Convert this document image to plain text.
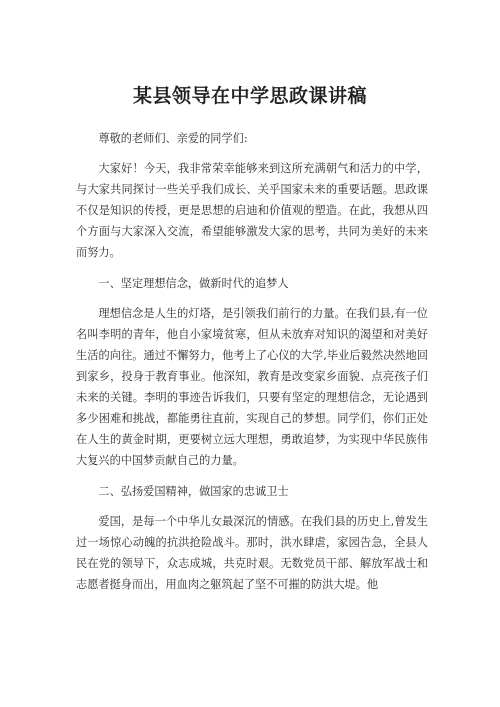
某县领导在中学思政课讲稿

尊敬的老师们、亲爱的同学们:

大家好！今天，我非常荣幸能够来到这所充满朝气和活力的中学，与大家共同探讨一些关乎我们成长、关乎国家未来的重要话题。思政课不仅是知识的传授，更是思想的启迪和价值观的塑造。在此，我想从四个方面与大家深入交流，希望能够激发大家的思考，共同为美好的未来而努力。

一、坚定理想信念，做新时代的追梦人

理想信念是人生的灯塔，是引领我们前行的力量。在我们县,有一位名叫李明的青年，他自小家境贫寒，但从未放弃对知识的渴望和对美好生活的向往。通过不懈努力，他考上了心仪的大学,毕业后毅然决然地回到家乡，投身于教育事业。他深知，教育是改变家乡面貌、点亮孩子们未来的关键。李明的事迹告诉我们，只要有坚定的理想信念，无论遇到多少困难和挑战，都能勇往直前，实现自己的梦想。同学们，你们正处在人生的黄金时期，更要树立远大理想，勇敢追梦，为实现中华民族伟大复兴的中国梦贡献自己的力量。

二、弘扬爱国精神，做国家的忠诚卫士

爱国，是每一个中华儿女最深沉的情感。在我们县的历史上,曾发生过一场惊心动魄的抗洪抢险战斗。那时，洪水肆虐，家园告急，全县人民在党的领导下，众志成城，共克时艰。无数党员干部、解放军战士和志愿者挺身而出，用血肉之躯筑起了坚不可摧的防洪大堤。他
